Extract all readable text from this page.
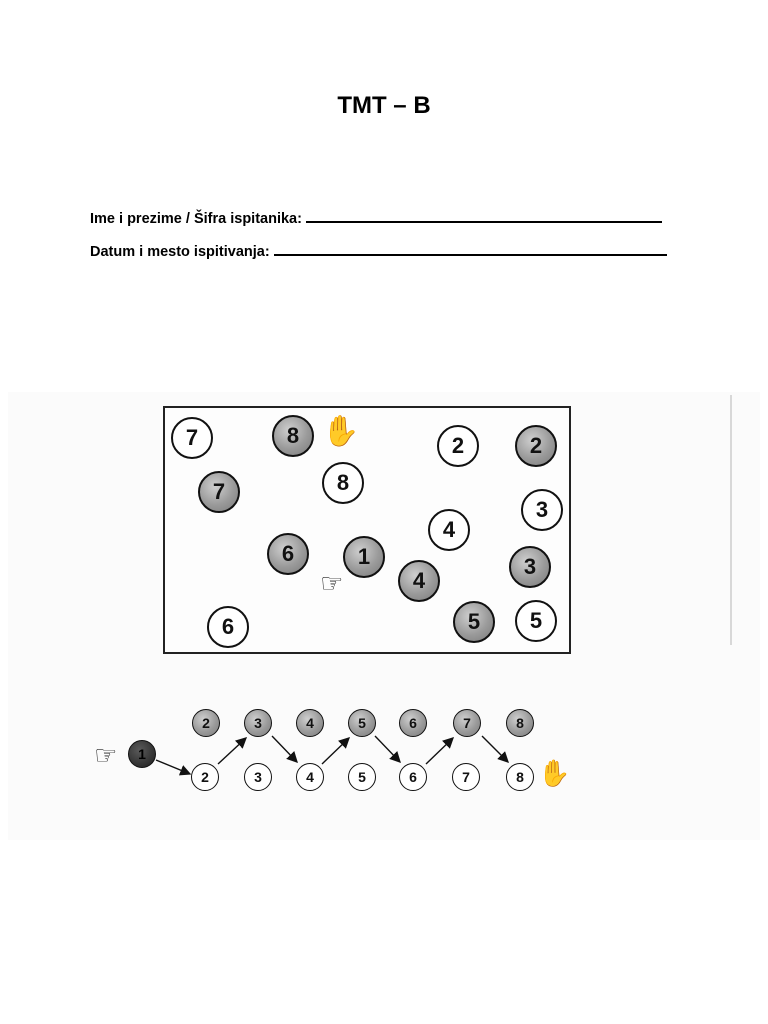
TMT – B
Ime i prezime / Šifra ispitanika:
Datum i mesto ispitivanja:
7	8	2	2
7	8
3
4
6	1
4
3
6	5 5
✋
☞
1
2	3	4	5	6	7	8
2	3	4	5	6	7	8
☞
✋
